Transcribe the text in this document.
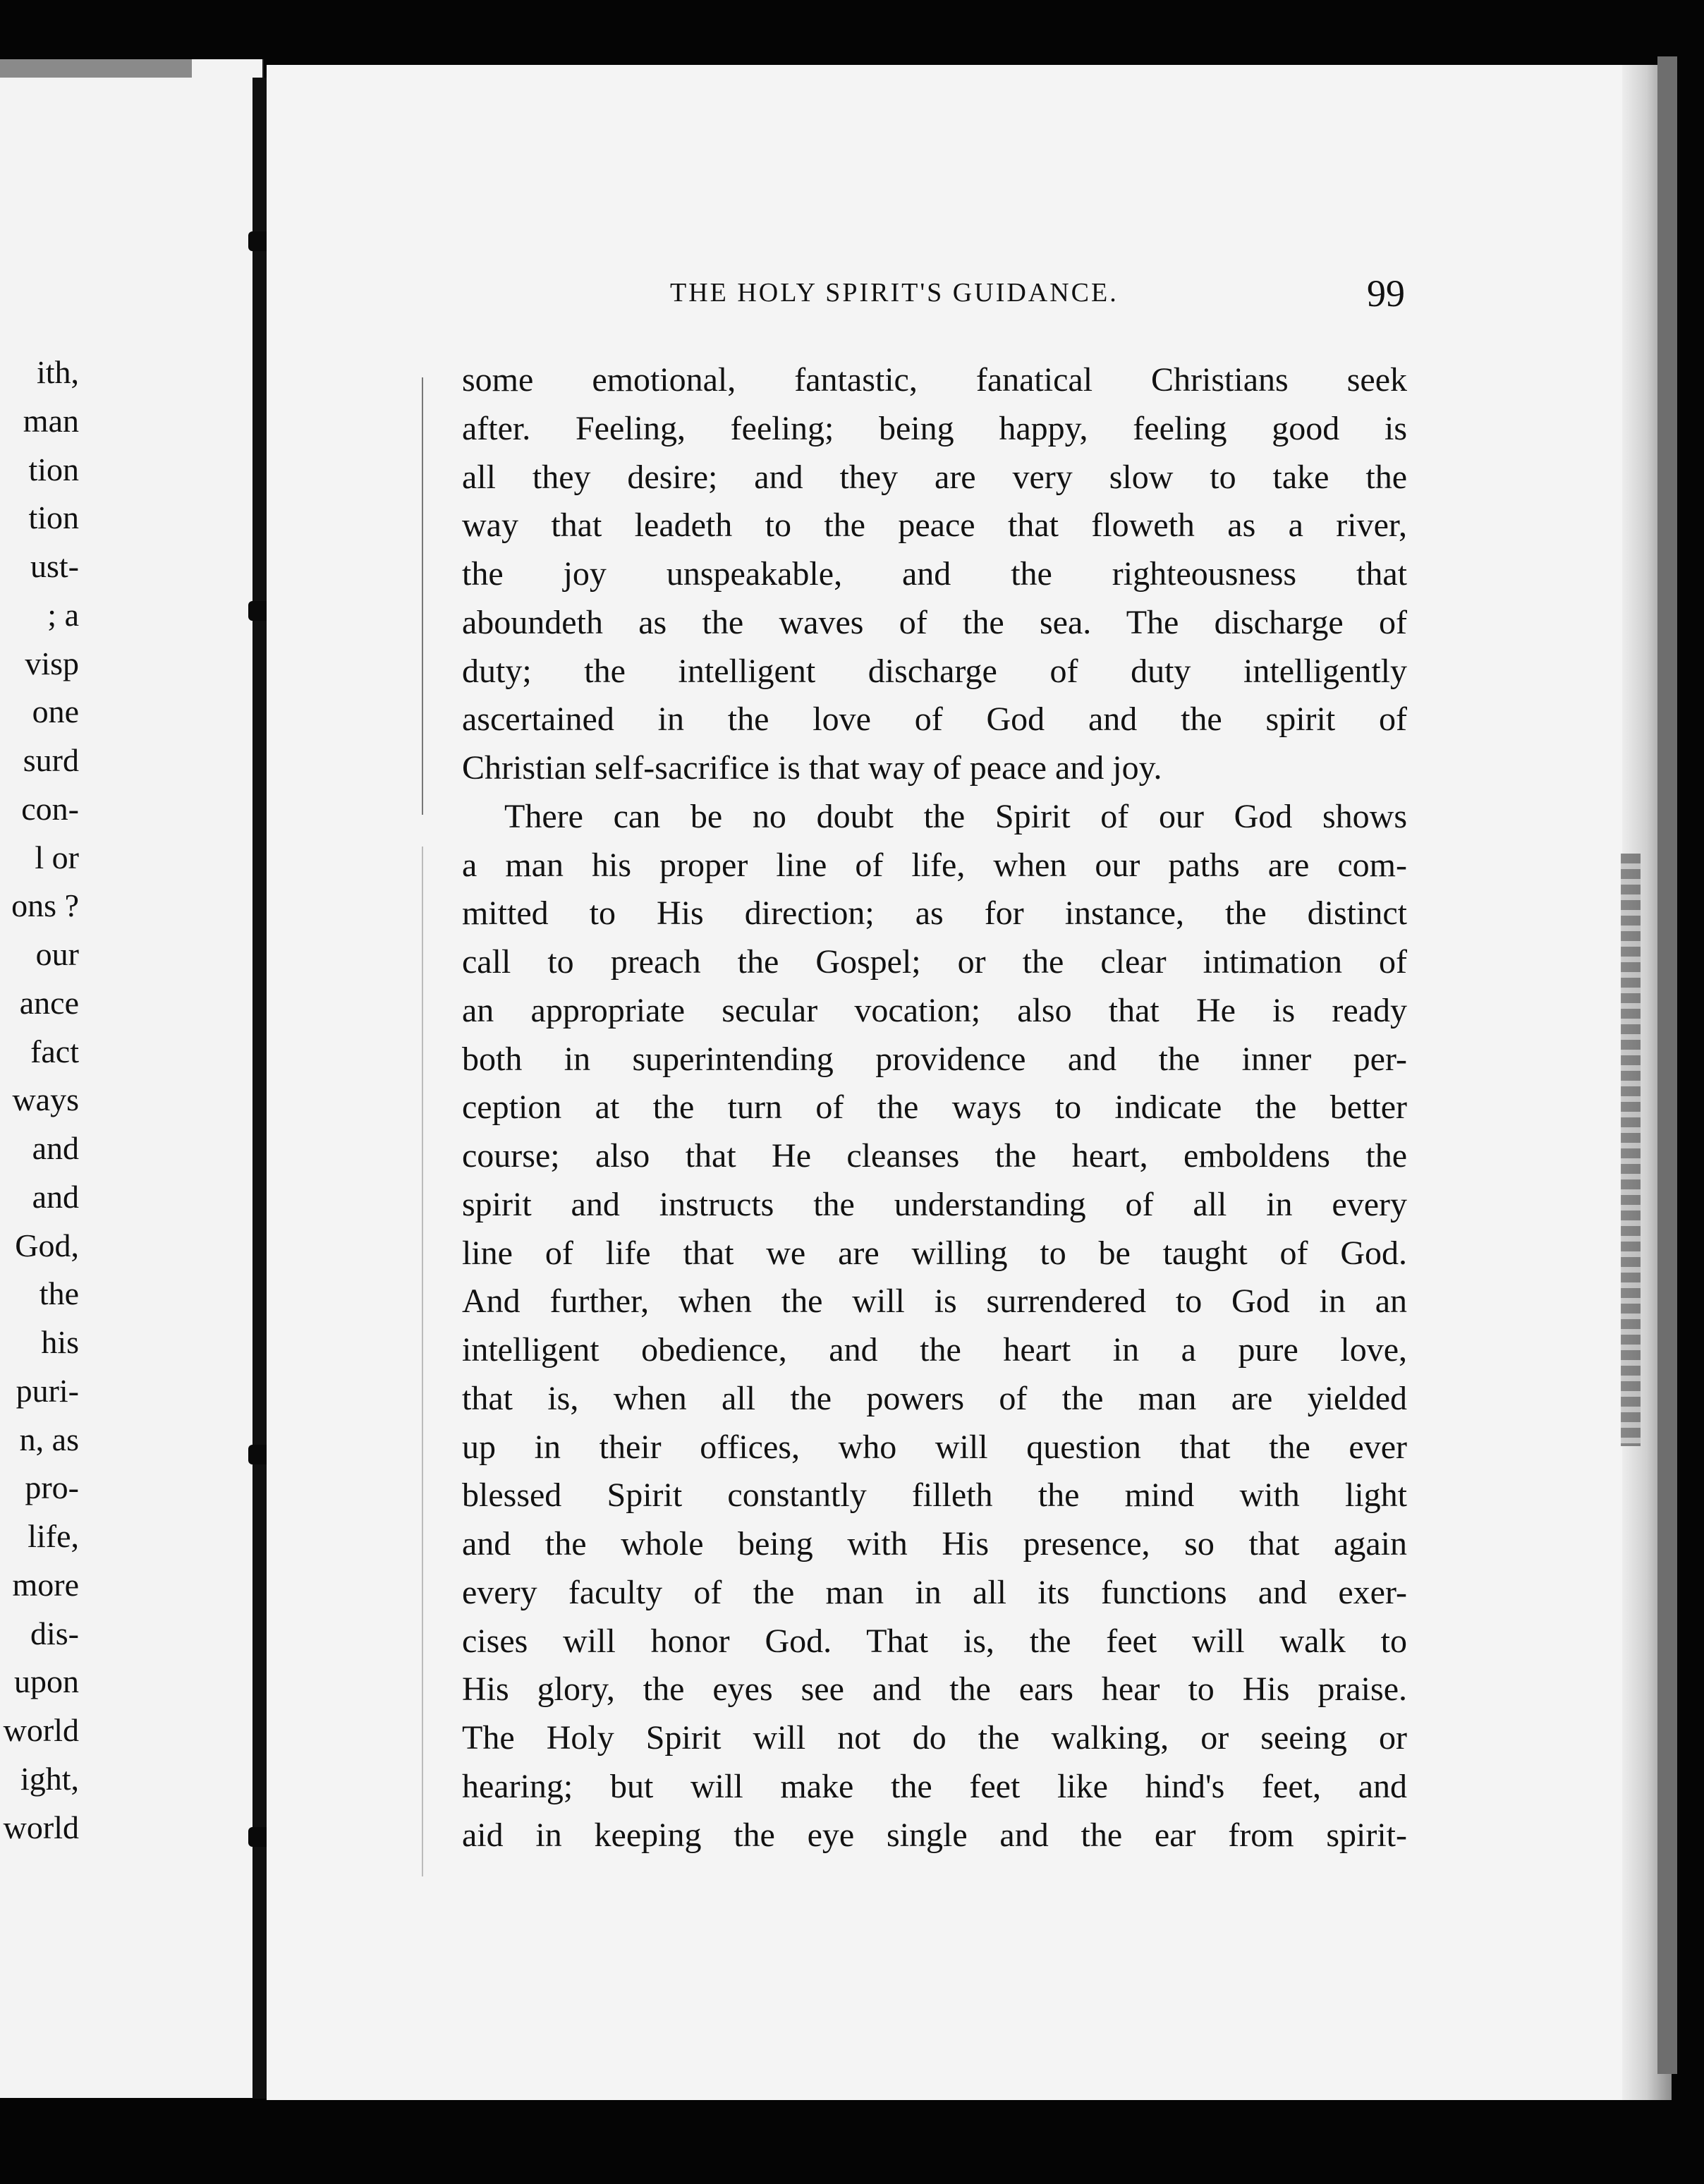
ith,
man
tion
tion
ust-
; a
visp
one
surd
con-
l or
ons ?
our
ance
fact
ways
and
and
God,
the
his
puri-
n, as
pro-
life,
more
dis-
upon
world
ight,
world
THE HOLY SPIRIT'S GUIDANCE.	99
some emotional, fantastic, fanatical Christians seek
after. Feeling, feeling; being happy, feeling good is
all they desire; and they are very slow to take the
way that leadeth to the peace that floweth as a river,
the joy unspeakable, and the righteousness that
aboundeth as the waves of the sea. The discharge of
duty; the intelligent discharge of duty intelligently
ascertained in the love of God and the spirit of
Christian self-sacrifice is that way of peace and joy.
There can be no doubt the Spirit of our God shows
a man his proper line of life, when our paths are com-
mitted to His direction; as for instance, the distinct
call to preach the Gospel; or the clear intimation of
an appropriate secular vocation; also that He is ready
both in superintending providence and the inner per-
ception at the turn of the ways to indicate the better
course; also that He cleanses the heart, emboldens the
spirit and instructs the understanding of all in every
line of life that we are willing to be taught of God.
And further, when the will is surrendered to God in an
intelligent obedience, and the heart in a pure love,
that is, when all the powers of the man are yielded
up in their offices, who will question that the ever
blessed Spirit constantly filleth the mind with light
and the whole being with His presence, so that again
every faculty of the man in all its functions and exer-
cises will honor God. That is, the feet will walk to
His glory, the eyes see and the ears hear to His praise.
The Holy Spirit will not do the walking, or seeing or
hearing; but will make the feet like hind's feet, and
aid in keeping the eye single and the ear from spirit-
